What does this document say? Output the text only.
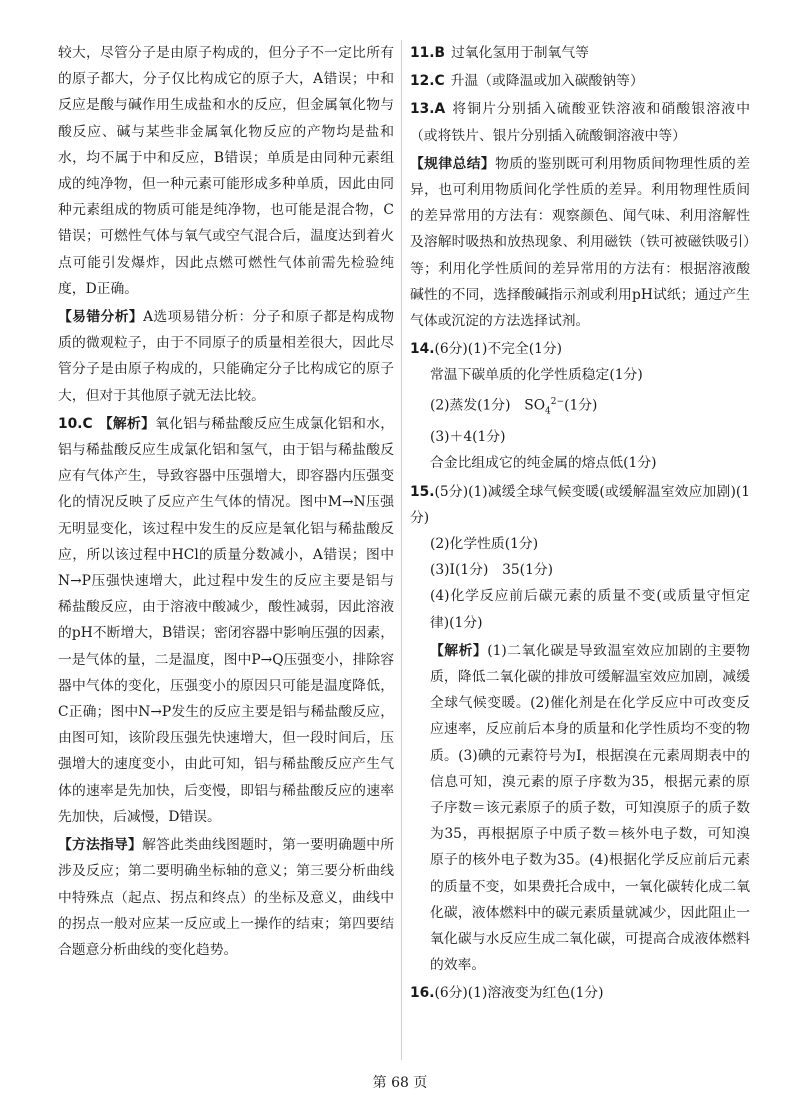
较大，尽管分子是由原子构成的，但分子不一定比所有的原子都大，分子仅比构成它的原子大，A错误；中和反应是酸与碱作用生成盐和水的反应，但金属氧化物与酸反应、碱与某些非金属氧化物反应的产物均是盐和水，均不属于中和反应，B错误；单质是由同种元素组成的纯净物，但一种元素可能形成多种单质，因此由同种元素组成的物质可能是纯净物，也可能是混合物，C错误；可燃性气体与氧气或空气混合后，温度达到着火点可能引发爆炸，因此点燃可燃性气体前需先检验纯度，D正确。

【易错分析】A选项易错分析：分子和原子都是构成物质的微观粒子，由于不同原子的质量相差很大，因此尽管分子是由原子构成的，只能确定分子比构成它的原子大，但对于其他原子就无法比较。

10.C 【解析】氧化铝与稀盐酸反应生成氯化铝和水，铝与稀盐酸反应生成氯化铝和氢气，由于铝与稀盐酸反应有气体产生，导致容器中压强增大，即容器内压强变化的情况反映了反应产生气体的情况。图中M→N压强无明显变化，该过程中发生的反应是氧化铝与稀盐酸反应，所以该过程中HCl的质量分数减小，A错误；图中N→P压强快速增大，此过程中发生的反应主要是铝与稀盐酸反应，由于溶液中酸减少，酸性减弱，因此溶液的pH不断增大，B错误；密闭容器中影响压强的因素，一是气体的量，二是温度，图中P→Q压强变小，排除容器中气体的变化，压强变小的原因只可能是温度降低，C正确；图中N→P发生的反应主要是铝与稀盐酸反应，由图可知，该阶段压强先快速增大，但一段时间后，压强增大的速度变小，由此可知，铝与稀盐酸反应产生气体的速率是先加快，后变慢，即铝与稀盐酸反应的速率先加快，后减慢，D错误。

【方法指导】解答此类曲线图题时，第一要明确题中所涉及反应；第二要明确坐标轴的意义；第三要分析曲线中特殊点（起点、拐点和终点）的坐标及意义，曲线中的拐点一般对应某一反应或上一操作的结束；第四要结合题意分析曲线的变化趋势。

11.B 过氧化氢用于制氧气等

12.C 升温（或降温或加入碳酸钠等）

13.A 将铜片分别插入硫酸亚铁溶液和硝酸银溶液中（或将铁片、银片分别插入硫酸铜溶液中等）

【规律总结】物质的鉴别既可利用物质间物理性质的差异，也可利用物质间化学性质的差异。利用物理性质间的差异常用的方法有：观察颜色、闻气味、利用溶解性及溶解时吸热和放热现象、利用磁铁（铁可被磁铁吸引）等；利用化学性质间的差异常用的方法有：根据溶液酸碱性的不同，选择酸碱指示剂或利用pH试纸；通过产生气体或沉淀的方法选择试剂。

14.(6分)(1)不完全(1分)
常温下碳单质的化学性质稳定(1分)
(2)蒸发(1分)　$SO_4^{2-}(1$分)
(3)＋4(1分)
合金比组成它的纯金属的熔点低(1分)

15.(5分)(1)减缓全球气候变暖(或缓解温室效应加剧)(1分)
(2)化学性质(1分)
(3)I(1分)　35(1分)
(4)化学反应前后碳元素的质量不变(或质量守恒定律)(1分)

【解析】(1)二氧化碳是导致温室效应加剧的主要物质，降低二氧化碳的排放可缓解温室效应加剧，减缓全球气候变暖。(2)催化剂是在化学反应中可改变反应速率，反应前后本身的质量和化学性质均不变的物质。(3)碘的元素符号为I，根据溴在元素周期表中的信息可知，溴元素的原子序数为35，根据元素的原子序数＝该元素原子的质子数，可知溴原子的质子数为35，再根据原子中质子数＝核外电子数，可知溴原子的核外电子数为35。(4)根据化学反应前后元素的质量不变，如果费托合成中，一氧化碳转化成二氧化碳，液体燃料中的碳元素质量就减少，因此阻止一氧化碳与水反应生成二氧化碳，可提高合成液体燃料的效率。

16.(6分)(1)溶液变为红色(1分)

第 68 页
